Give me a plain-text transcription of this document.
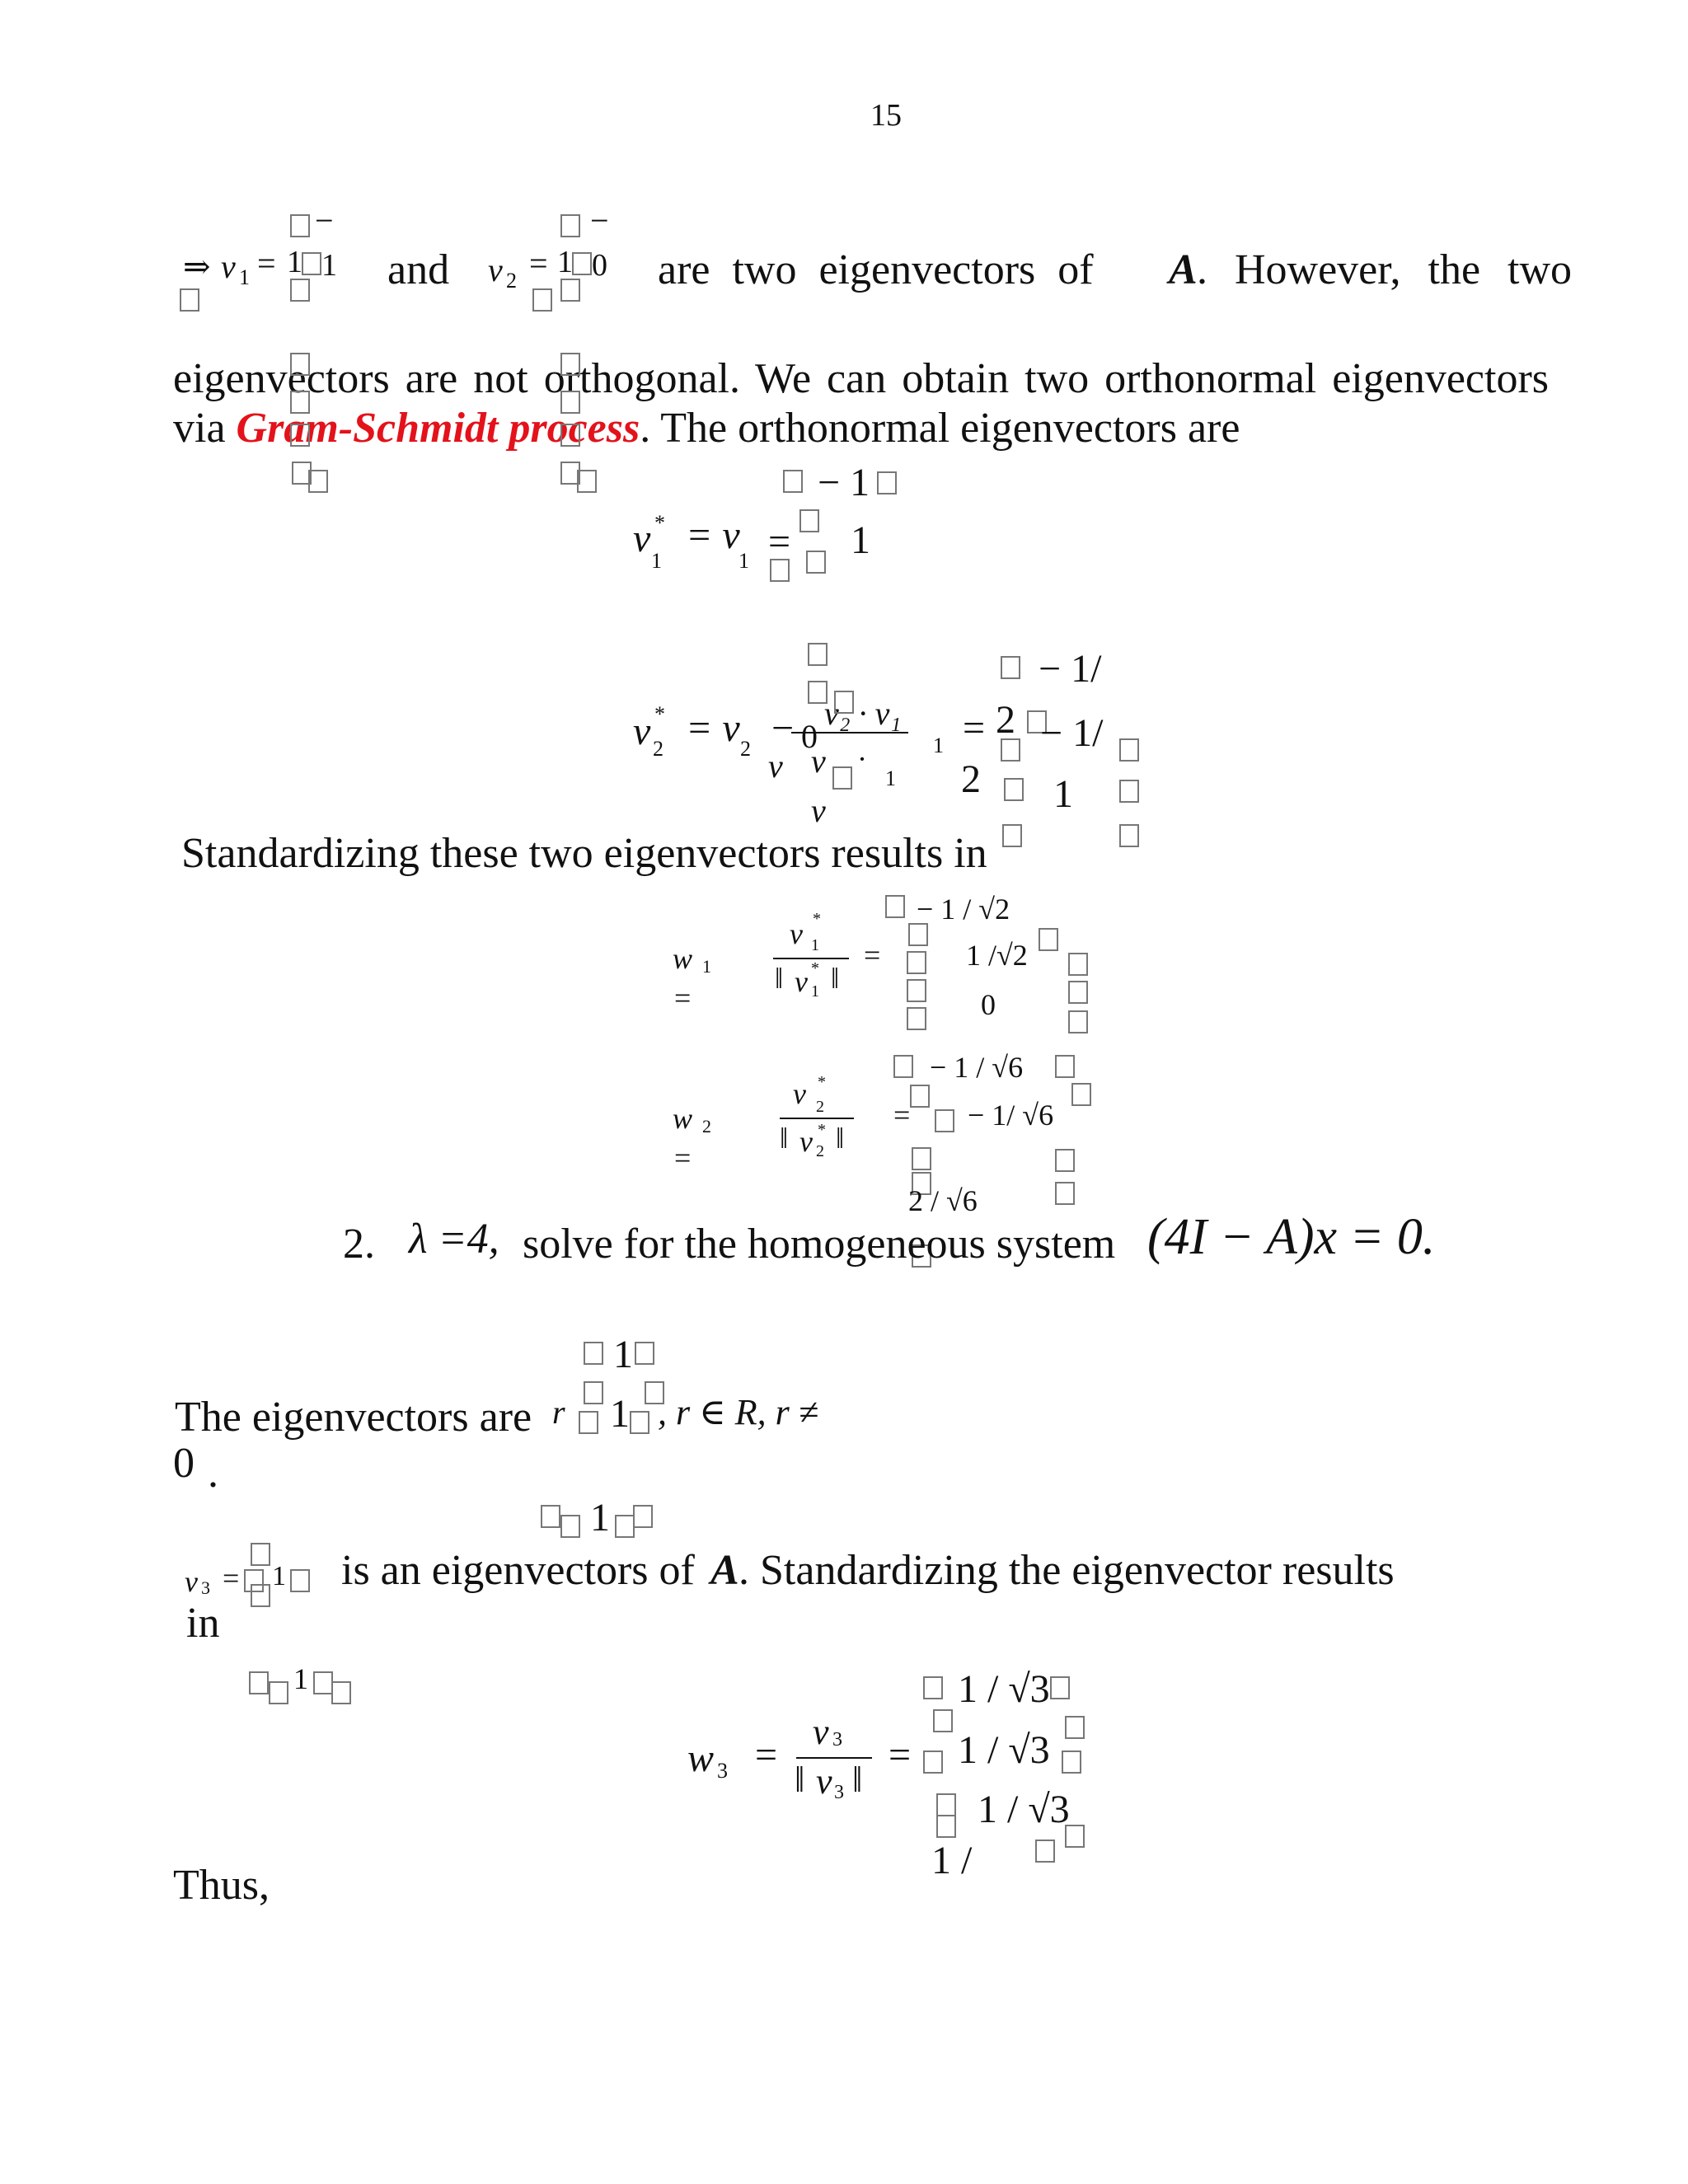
15
⇒ v 1 =
−
1 1 and v 2 =
−
1 0 are two eigenvectors of A . However, the two
eigenvectors are not orthogonal. We can obtain two orthonormal eigenvectors
via Gram-Schmidt process. The orthonormal eigenvectors are
v *
1
= v
1 =
− 1
1
v *
2 = v 2 − v₂ · v₁
0
v v ·
v
1
1 = 2
2
− 1/
− 1/
1
Standardizing these two eigenvectors results in
w 1
=
v *
1
‖ v *
1 ‖
=
− 1 / √2
1 /√2
0
w 2
=
v *
2
‖ v *
2 ‖
=
− 1 / √6
− 1/ √6
2 / √6
2. λ =4, solve for the homogeneous system (4I − A)x = 0.
1
The eigenvectors are r 1 , r ∈ R, r ≠
0 .
1
v 3 = 1 is an eigenvectors of A . Standardizing the eigenvector results
in
1
w 3 =
v 3
‖ v 3 ‖
=
1 / √3
1 / √3
1 /
1 / √3
Thus,
